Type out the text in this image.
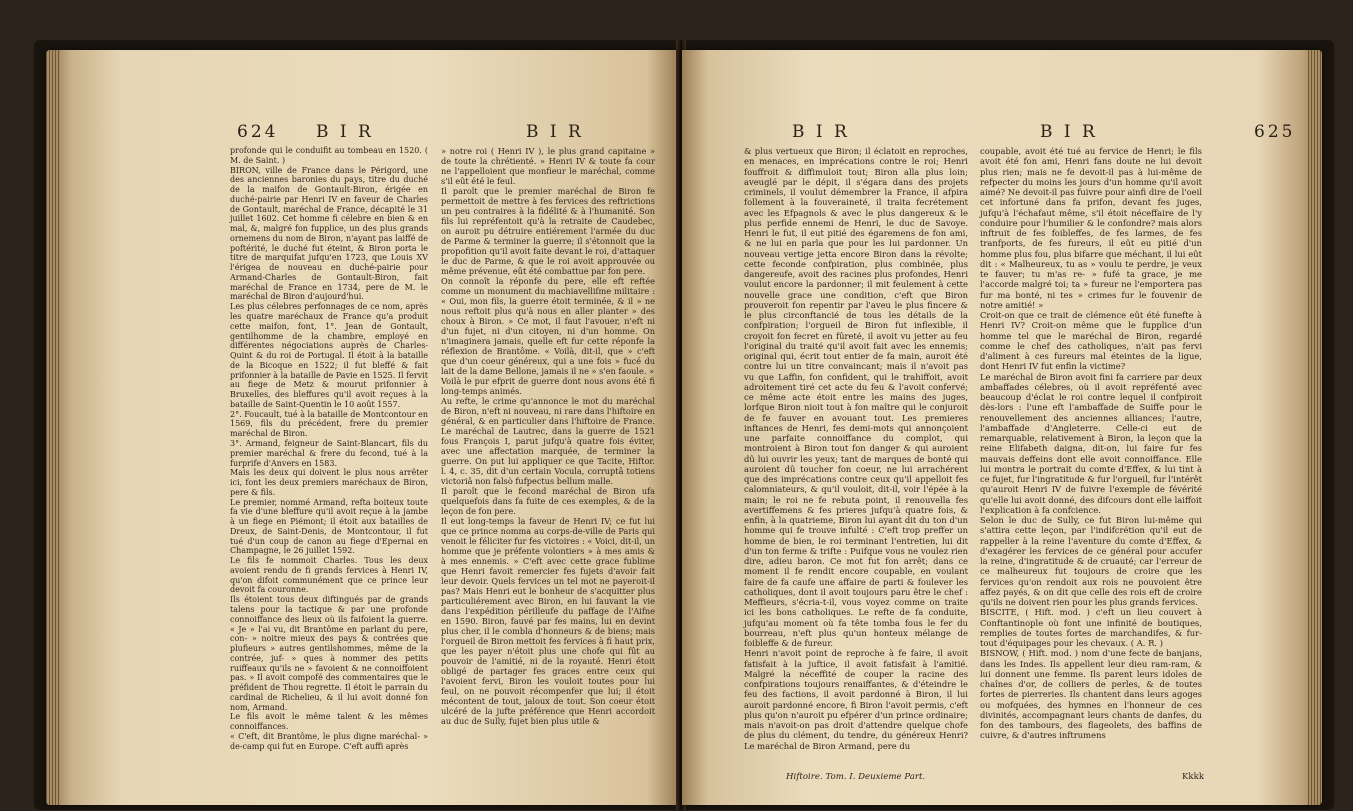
624 B I R	B I R

profonde qui le conduifit au tombeau en 1520. ( M. de Saint. )

BIRON, ville de France dans le Périgord, une des anciennes baronies du pays, titre du duché de la maifon de Gontault-Biron, érigée en duché-pairie par Henri IV en faveur de Charles de Gontault, maréchal de France, décapité le 31 juillet 1602. Cet homme fi célebre en bien & en mal, &, malgré fon fupplice, un des plus grands ornemens du nom de Biron, n'ayant pas laiffé de poftérité, le duché fut éteint, & Biron porta le titre de marquifat jufqu'en 1723, que Louis XV l'érigea de nouveau en duché-pairie pour Armand-Charles de Gontault-Biron, fait maréchal de France en 1734, pere de M. le maréchal de Biron d'aujourd'hui.

Les plus célebres perfonnages de ce nom, après les quatre maréchaux de France qu'a produit cette maifon, font, 1°. Jean de Gontault, gentilhomme de la chambre, employé en différentes négociations auprès de Charles-Quint & du roi de Portugal. Il étoit à la bataille de la Bicoque en 1522; il fut bleffé & fait prifonnier à la bataille de Pavie en 1525. Il fervit au fiege de Metz & mourut prifonnier à Bruxelles, des bleffures qu'il avoit reçues à la bataille de Saint-Quentin le 10 août 1557.

2°. Foucault, tué à la bataille de Montcontour en 1569, fils du précédent, frere du premier maréchal de Biron.

3°. Armand, feigneur de Saint-Blancart, fils du premier maréchal & frere du fecond, tué à la furprife d'Anvers en 1583.

Mais les deux qui doivent le plus nous arrêter ici, font les deux premiers maréchaux de Biron, pere & fils.

Le premier, nommé Armand, refta boiteux toute fa vie d'une bleffure qu'il avoit reçue à la jambe à un fiege en Piémont; il étoit aux batailles de Dreux, de Saint-Denis, de Montcontour, il fut tué d'un coup de canon au fiege d'Epernai en Champagne, le 26 juillet 1592.

Le fils fe nommoit Charles. Tous les deux avoient rendu de fi grands fervices à Henri IV, qu'on difoit communément que ce prince leur devoit fa couronne.

Ils étoient tous deux diftingués par de grands talens pour la tactique & par une profonde connoiffance des lieux où ils faifoient la guerre. « Je » l'ai vu, dit Brantôme en parlant du pere, con- » noitre mieux des pays & contrées que plufieurs » autres gentilshommes, même de la contrée, juf- » ques à nommer des petits ruiffeaux qu'ils ne » favoient & ne connoiffoient pas. » Il avoit compofé des commentaires que le préfident de Thou regrette. Il étoit le parrain du cardinal de Richelieu, & il lui avoit donné fon nom, Armand.

Le fils avoit le même talent & les mêmes connoiffances.

« C'eft, dit Brantôme, le plus digne maréchal- » de-camp qui fut en Europe. C'eft auffi après

» notre roi ( Henri IV ), le plus grand capitaine » de toute la chrétienté. » Henri IV & toute fa cour ne l'appelloient que monfieur le maréchal, comme s'il eût été le feul.

Il paroît que le premier maréchal de Biron fe permettoit de mettre à fes fervices des reftrictions un peu contraires à la fidélité & à l'humanité. Son fils lui repréfentoit qu'à la retraite de Caudebec, on auroit pu détruire entiérement l'armée du duc de Parme & terminer la guerre; il s'étonnoit que la propofition qu'il avoit faite devant le roi, d'attaquer le duc de Parme, & que le roi avoit approuvée ou même prévenue, eût été combattue par fon pere.

On connoît la réponfe du pere, elle eft reftée comme un monument du machiavelliſme militaire : « Oui, mon fils, la guerre étoit terminée, & il » ne nous reftoit plus qu'à nous en aller planter » des choux à Biron. » Ce mot, il faut l'avouer, n'eft ni d'un fujet, ni d'un citoyen, ni d'un homme. On n'imaginera jamais, quelle eft fur cette réponfe la réflexion de Brantôme. « Voilà, dit-il, que » c'eft que d'un coeur généreux, qui a une fois » fucé du lait de la dame Bellone, jamais il ne » s'en faoule. »

Voilà le pur efprit de guerre dont nous avons été fi long-temps animés.

Au refte, le crime qu'annonce le mot du maréchal de Biron, n'eft ni nouveau, ni rare dans l'hiftoire en général, & en particulier dans l'hiftoire de France. Le maréchal de Lautrec, dans la guerre de 1521 fous François I, parut jufqu'à quatre fois éviter, avec une affectation marquée, de terminer la guerre. On put lui appliquer ce que Tacite, Hiftor. l. 4, c. 35, dit d'un certain Vocula, corruptâ totiens victoriâ non falsò fufpectus bellum malle.

Il paroît que le fecond maréchal de Biron ufa quelquefois dans fa fuite de ces exemples, & de la leçon de fon pere.

Il eut long-temps la faveur de Henri IV; ce fut lui que ce prince nomma au corps-de-ville de Paris qui venoit le féliciter fur fes victoires : « Voici, dit-il, un homme que je préfente volontiers » à mes amis & à mes ennemis. » C'eft avec cette grace fublime que Henri favoit remercier fes fujets d'avoir fait leur devoir. Quels fervices un tel mot ne payeroit-il pas? Mais Henri eut le bonheur de s'acquitter plus particuliérement avec Biron, en lui fauvant la vie dans l'expédition périlleufe du paffage de l'Aifne en 1590. Biron, fauvé par fes mains, lui en devint plus cher, il le combla d'honneurs & de biens; mais l'orgueil de Biron mettoit fes fervices à fi haut prix, que les payer n'étoit plus une chofe qui fût au pouvoir de l'amitié, ni de la royauté. Henri étoit obligé de partager fes graces entre ceux qui l'avoient fervi, Biron les vouloit toutes pour lui feul, on ne pouvoit récompenfer que lui; il étoit mécontent de tout, jaloux de tout. Son coeur étoit ulcéré de la jufte préférence que Henri accordoit au duc de Sully, fujet bien plus utile &

B I R	B I R	625

& plus vertueux que Biron; il éclatoit en reproches, en menaces, en imprécations contre le roi; Henri fouffroit & diffimuloit tout; Biron alla plus loin; aveuglé par le dépit, il s'égara dans des projets criminels, il voulut démembrer la France, il afpira follement à la fouveraineté, il traita fecrétement avec les Efpagnols & avec le plus dangereux & le plus perfide ennemi de Henri, le duc de Savoye. Henri le fut, il eut pitié des égaremens de fon ami, & ne lui en parla que pour les lui pardonner. Un nouveau vertige jetta encore Biron dans la révolte; cette feconde confpiration, plus combinée, plus dangereufe, avoit des racines plus profondes, Henri voulut encore la pardonner; il mit feulement à cette nouvelle grace une condition, c'eft que Biron prouveroit fon repentir par l'aveu le plus fincere & le plus circonftancié de tous les détails de la confpiration; l'orgueil de Biron fut inflexible, il croyoit fon fecret en fûreté, il avoit vu jetter au feu l'original du traité qu'il avoit fait avec les ennemis; original qui, écrit tout entier de fa main, auroit été contre lui un titre convaincant; mais il n'avoit pas vu que Laffin, fon confident, qui le trahiffoit, avoit adroitement tiré cet acte du feu & l'avoit confervé; ce même acte étoit entre les mains des juges, lorfque Biron nioit tout à fon maître qui le conjuroit de fe fauver en avouant tout. Les premieres inftances de Henri, fes demi-mots qui annonçoient une parfaite connoiffance du complot, qui montroient à Biron tout fon danger & qui auroient dû lui ouvrir les yeux; tant de marques de bonté qui auroient dû toucher fon coeur, ne lui arrachérent que des imprécations contre ceux qu'il appelloit fes calomniateurs, & qu'il vouloit, dit-il, voir l'épée à la main; le roi ne fe rebuta point, il renouvella fes avertiffemens & fes prieres jufqu'à quatre fois, & enfin, à la quatrieme, Biron lui ayant dit du ton d'un homme qui fe trouve infulté : C'eft trop preffer un homme de bien, le roi terminant l'entretien, lui dit d'un ton ferme & trifte : Puifque vous ne voulez rien dire, adieu baron. Ce mot fut fon arrêt; dans ce moment il fe rendit encore coupable, en voulant faire de fa caufe une affaire de parti & foulever les catholiques, dont il avoit toujours paru être le chef : Meffieurs, s'écria-t-il, vous voyez comme on traite ici les bons catholiques. Le refte de fa conduite, jufqu'au moment où fa tête tomba fous le fer du bourreau, n'eft plus qu'un honteux mélange de foibleffe & de fureur.

Henri n'avoit point de reproche à fe faire, il avoit fatisfait à la juftice, il avoit fatisfait à l'amitié. Malgré la néceffité de couper la racine des confpirations toujours renaiffantes, & d'éteindre le feu des factions, il avoit pardonné à Biron, il lui auroit pardonné encore, fi Biron l'avoit permis, c'eft plus qu'on n'auroit pu efpérer d'un prince ordinaire; mais n'avoit-on pas droit d'attendre quelque chofe de plus du clément, du tendre, du généreux Henri? Le maréchal de Biron Armand, pere du

coupable, avoit été tué au fervice de Henri; le fils avoit été fon ami, Henri fans doute ne lui devoit plus rien; mais ne fe devoit-il pas à lui-même de refpecter du moins les jours d'un homme qu'il avoit aimé? Ne devoit-il pas fuivre pour ainfi dire de l'oeil cet infortuné dans fa prifon, devant fes juges, jufqu'à l'échafaut même, s'il étoit néceffaire de l'y conduire pour l'humilier & le confondre? mais alors inftruit de fes foibleffes, de fes larmes, de fes tranfports, de fes fureurs, il eût eu pitié d'un homme plus fou, plus bifarre que méchant, il lui eût dit : « Malheureux, tu as » voulu te perdre, je veux te fauver; tu m'as re- » fufé ta grace, je me l'accorde malgré toi; ta » fureur ne l'emportera pas fur ma bonté, ni tes » crimes fur le fouvenir de notre amitié! »

Croit-on que ce trait de clémence eût été funefte à Henri IV? Croit-on même que le fupplice d'un homme tel que le maréchal de Biron, regardé comme le chef des catholiques, n'ait pas fervi d'aliment à ces fureurs mal éteintes de la ligue, dont Henri IV fut enfin la victime?

Le maréchal de Biron avoit fini fa carriere par deux ambaffades célebres, où il avoit repréfenté avec beaucoup d'éclat le roi contre lequel il confpiroit dès-lors : l'une eft l'ambaffade de Suiffe pour le renouvellement des anciennes alliances; l'autre, l'ambaffade d'Angleterre. Celle-ci eut de remarquable, relativement à Biron, la leçon que la reine Elifabeth daigna, dit-on, lui faire fur fes mauvais deffeins dont elle avoit connoiffance. Elle lui montra le portrait du comte d'Effex, & lui tint à ce fujet, fur l'ingratitude & fur l'orgueil, fur l'intérêt qu'auroit Henri IV de fuivre l'exemple de févérité qu'elle lui avoit donné, des difcours dont elle laiffoit l'explication à fa confcience.

Selon le duc de Sully, ce fut Biron lui-même qui s'attira cette leçon, par l'indifcrétion qu'il eut de rappeller à la reine l'aventure du comte d'Effex, & d'exagérer les fervices de ce général pour accufer la reine, d'ingratitude & de cruauté; car l'erreur de ce malheureux fut toujours de croire que les fervices qu'on rendoit aux rois ne pouvoient être affez payés, & on dit que celle des rois eft de croire qu'ils ne doivent rien pour les plus grands fervices.

BISCITE, ( Hift. mod. ) c'eft un lieu couvert à Conftantinople où font une infinité de boutiques, remplies de toutes fortes de marchandifes, & fur-tout d'équipages pour les chevaux. ( A. R. )

BISNOW, ( Hift. mod. ) nom d'une fecte de banjans, dans les Indes. Ils appellent leur dieu ram-ram, & lui donnent une femme. Ils parent leurs idoles de chaînes d'or, de colliers de perles, & de toutes fortes de pierreries. Ils chantent dans leurs agoges ou mofquées, des hymnes en l'honneur de ces divinités, accompagnant leurs chants de danfes, du fon des tambours, des flageolets, des baffins de cuivre, & d'autres inftrumens

Hiftoire. Tom. I. Deuxieme Part.	Kkkk
